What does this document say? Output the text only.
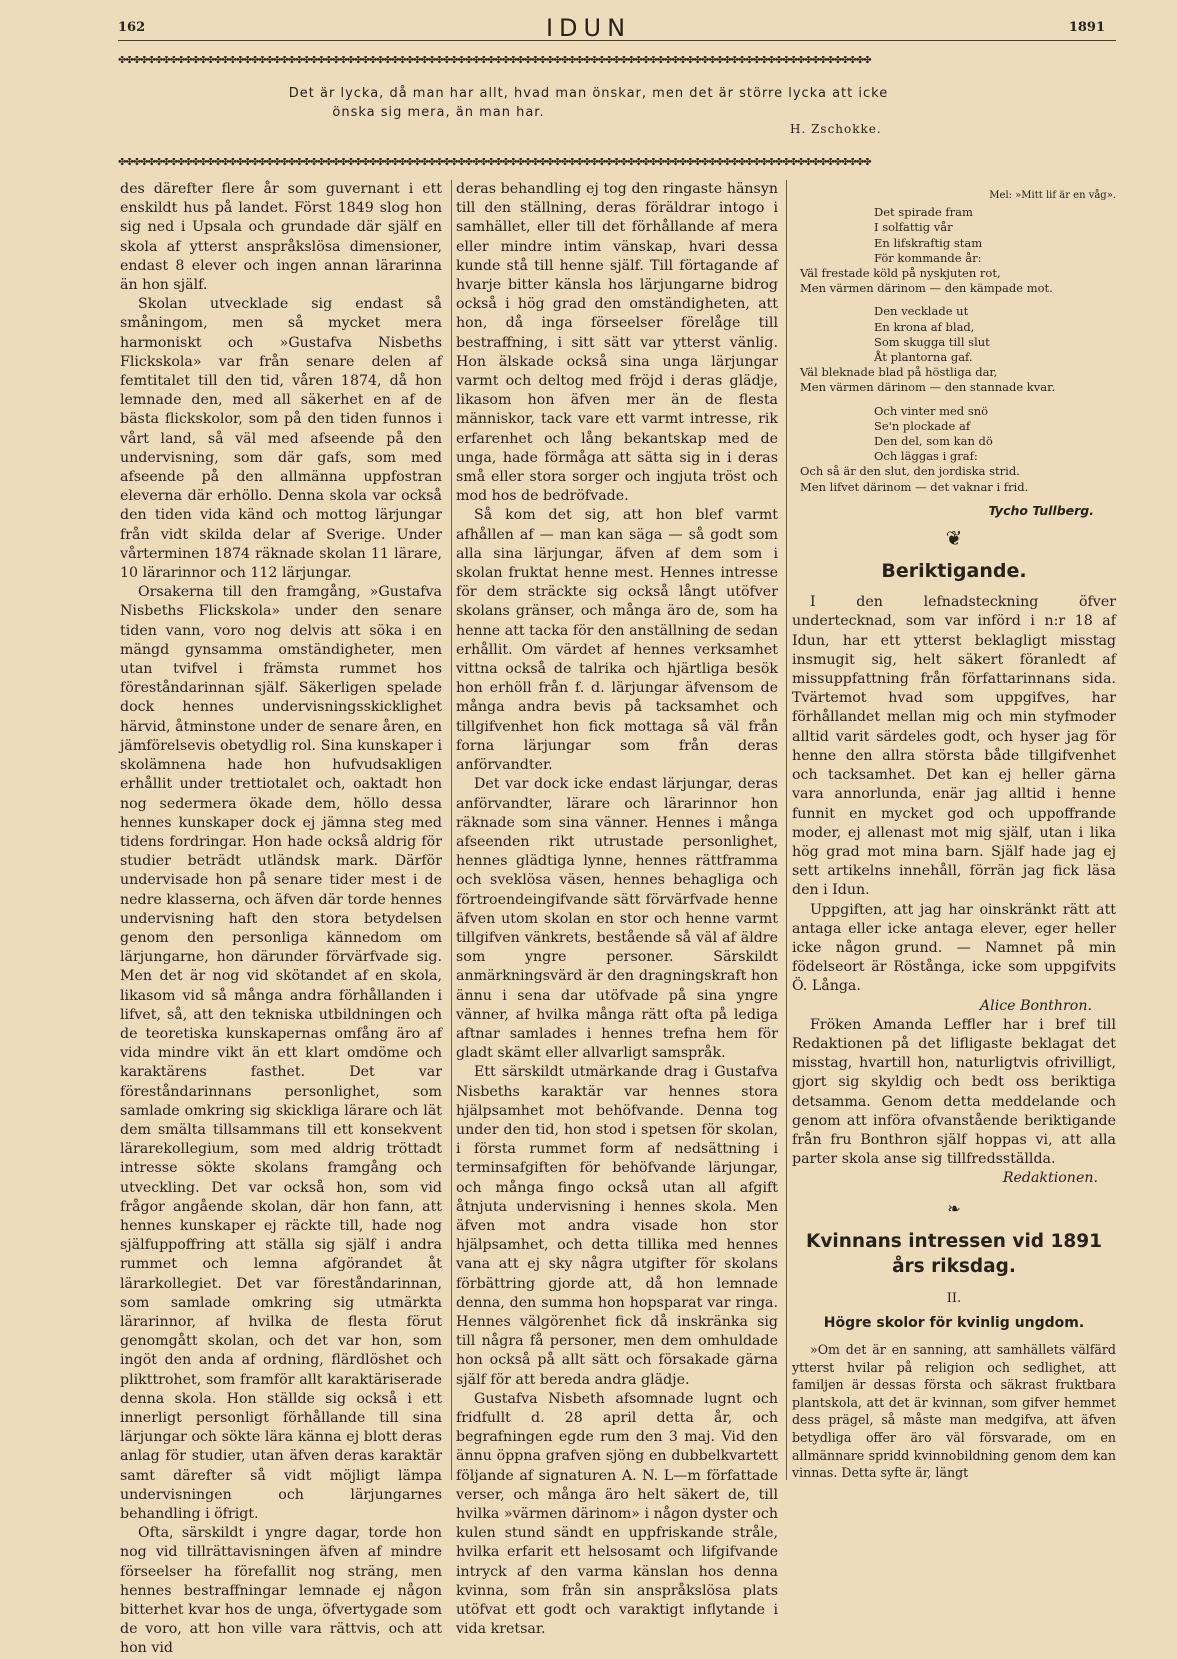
162	IDUN	1891
✤✤✤✤✤✤✤✤✤✤✤✤✤✤✤✤✤✤✤✤✤✤✤✤✤✤✤✤✤✤✤✤✤✤✤✤✤✤✤✤✤✤✤✤✤✤✤✤✤✤✤✤✤✤✤✤✤✤✤✤✤✤✤✤✤✤✤✤✤✤✤✤✤✤✤✤✤✤✤✤✤✤✤✤✤✤✤✤✤✤✤✤✤✤✤✤✤✤✤✤✤✤
Det är lycka, då man har allt, hvad man önskar, men det är större lycka att icke
önska sig mera, än man har.
H. Zschokke.
✤✤✤✤✤✤✤✤✤✤✤✤✤✤✤✤✤✤✤✤✤✤✤✤✤✤✤✤✤✤✤✤✤✤✤✤✤✤✤✤✤✤✤✤✤✤✤✤✤✤✤✤✤✤✤✤✤✤✤✤✤✤✤✤✤✤✤✤✤✤✤✤✤✤✤✤✤✤✤✤✤✤✤✤✤✤✤✤✤✤✤✤✤✤✤✤✤✤✤✤✤✤

des därefter flere år som guvernant i ett enskildt hus på landet. Först 1849 slog hon sig ned i Upsala och grundade där själf en skola af ytterst anspråkslösa dimensioner, endast 8 elever och ingen annan lärarinna än hon själf.

Skolan utvecklade sig endast så småningom, men så mycket mera harmoniskt och »Gustafva Nisbeths Flickskola» var från senare delen af femtitalet till den tid, våren 1874, då hon lemnade den, med all säkerhet en af de bästa flickskolor, som på den tiden funnos i vårt land, så väl med afseende på den undervisning, som där gafs, som med afseende på den allmänna uppfostran eleverna där erhöllo. Denna skola var också den tiden vida känd och mottog lärjungar från vidt skilda delar af Sverige. Under vårterminen 1874 räknade skolan 11 lärare, 10 lärarinnor och 112 lärjungar.

Orsakerna till den framgång, »Gustafva Nisbeths Flickskola» under den senare tiden vann, voro nog delvis att söka i en mängd gynsamma omständigheter, men utan tvifvel i främsta rummet hos föreståndarinnan själf. Säkerligen spelade dock hennes undervisningsskicklighet härvid, åtminstone under de senare åren, en jämförelsevis obetydlig rol. Sina kunskaper i skolämnena hade hon hufvudsakligen erhållit under trettiotalet och, oaktadt hon nog sedermera ökade dem, höllo dessa hennes kunskaper dock ej jämna steg med tidens fordringar. Hon hade också aldrig för studier beträdt utländsk mark. Därför undervisade hon på senare tider mest i de nedre klasserna, och äfven där torde hennes undervisning haft den stora betydelsen genom den personliga kännedom om lärjungarne, hon därunder förvärfvade sig. Men det är nog vid skötandet af en skola, likasom vid så många andra förhållanden i lifvet, så, att den tekniska utbildningen och de teoretiska kunskapernas omfång äro af vida mindre vikt än ett klart omdöme och karaktärens fasthet. Det var föreståndarinnans personlighet, som samlade omkring sig skickliga lärare och lät dem smälta tillsammans till ett konsekvent lärarekollegium, som med aldrig tröttadt intresse sökte skolans framgång och utveckling. Det var också hon, som vid frågor angående skolan, där hon fann, att hennes kunskaper ej räckte till, hade nog själfuppoffring att ställa sig själf i andra rummet och lemna afgörandet åt lärarkollegiet. Det var föreståndarinnan, som samlade omkring sig utmärkta lärarinnor, af hvilka de flesta förut genomgått skolan, och det var hon, som ingöt den anda af ordning, flärdlöshet och plikttrohet, som framför allt karaktäriserade denna skola. Hon ställde sig också i ett innerligt personligt förhållande till sina lärjungar och sökte lära känna ej blott deras anlag för studier, utan äfven deras karaktär samt därefter så vidt möjligt lämpa undervisningen och lärjungarnes behandling i öfrigt.

Ofta, särskildt i yngre dagar, torde hon nog vid tillrättavisningen äfven af mindre förseelser ha förefallit nog sträng, men hennes bestraffningar lemnade ej någon bitterhet kvar hos de unga, öfvertygade som de voro, att hon ville vara rättvis, och att hon vid

deras behandling ej tog den ringaste hänsyn till den ställning, deras föräldrar intogo i samhället, eller till det förhållande af mera eller mindre intim vänskap, hvari dessa kunde stå till henne själf. Till förtagande af hvarje bitter känsla hos lärjungarne bidrog också i hög grad den omständigheten, att hon, då inga förseelser förelåge till bestraffning, i sitt sätt var ytterst vänlig. Hon älskade också sina unga lärjungar varmt och deltog med fröjd i deras glädje, likasom hon äfven mer än de flesta människor, tack vare ett varmt intresse, rik erfarenhet och lång bekantskap med de unga, hade förmåga att sätta sig in i deras små eller stora sorger och ingjuta tröst och mod hos de bedröfvade.

Så kom det sig, att hon blef varmt afhållen af — man kan säga — så godt som alla sina lärjungar, äfven af dem som i skolan fruktat henne mest. Hennes intresse för dem sträckte sig också långt utöfver skolans gränser, och många äro de, som ha henne att tacka för den anställning de sedan erhållit. Om värdet af hennes verksamhet vittna också de talrika och hjärtliga besök hon erhöll från f. d. lärjungar äfvensom de många andra bevis på tacksamhet och tillgifvenhet hon fick mottaga så väl från forna lärjungar som från deras anförvandter.

Det var dock icke endast lärjungar, deras anförvandter, lärare och lärarinnor hon räknade som sina vänner. Hennes i många afseenden rikt utrustade personlighet, hennes glädtiga lynne, hennes rättframma och sveklösa väsen, hennes behagliga och förtroendeingifvande sätt förvärfvade henne äfven utom skolan en stor och henne varmt tillgifven vänkrets, bestående så väl af äldre som yngre personer. Särskildt anmärkningsvärd är den dragningskraft hon ännu i sena dar utöfvade på sina yngre vänner, af hvilka många rätt ofta på lediga aftnar samlades i hennes trefna hem för gladt skämt eller allvarligt samspråk.

Ett särskildt utmärkande drag i Gustafva Nisbeths karaktär var hennes stora hjälpsamhet mot behöfvande. Denna tog under den tid, hon stod i spetsen för skolan, i första rummet form af nedsättning i terminsafgiften för behöfvande lärjungar, och många fingo också utan all afgift åtnjuta undervisning i hennes skola. Men äfven mot andra visade hon stor hjälpsamhet, och detta tillika med hennes vana att ej sky några utgifter för skolans förbättring gjorde att, då hon lemnade denna, den summa hon hopsparat var ringa. Hennes välgörenhet fick då inskränka sig till några få personer, men dem omhuldade hon också på allt sätt och försakade gärna själf för att bereda andra glädje.

Gustafva Nisbeth afsomnade lugnt och fridfullt d. 28 april detta år, och begrafningen egde rum den 3 maj. Vid den ännu öppna grafven sjöng en dubbelkvartett följande af signaturen A. N. L—m författade verser, och många äro helt säkert de, till hvilka »värmen därinom» i någon dyster och kulen stund sändt en uppfriskande stråle, hvilka erfarit ett helsosamt och lifgifvande intryck af den varma känslan hos denna kvinna, som från sin anspråkslösa plats utöfvat ett godt och varaktigt inflytande i vida kretsar.

Mel: »Mitt lif är en våg».
Det spirade fram
I solfattig vår
En lifskraftig stam
För kommande år:
Väl frestade köld på nyskjuten rot,
Men värmen därinom — den kämpade mot.
Den vecklade ut
En krona af blad,
Som skugga till slut
Åt plantorna gaf.
Väl bleknade blad på höstliga dar,
Men värmen därinom — den stannade kvar.
Och vinter med snö
Se'n plockade af
Den del, som kan dö
Och läggas i graf:
Och så är den slut, den jordiska strid.
Men lifvet därinom — det vaknar i frid.
Tycho Tullberg.
❦
Beriktigande.

I den lefnadsteckning öfver undertecknad, som var införd i n:r 18 af Idun, har ett ytterst beklagligt misstag insmugit sig, helt säkert föranledt af missuppfattning från författarinnans sida. Tvärtemot hvad som uppgifves, har förhållandet mellan mig och min styfmoder alltid varit särdeles godt, och hyser jag för henne den allra största både tillgifvenhet och tacksamhet. Det kan ej heller gärna vara annorlunda, enär jag alltid i henne funnit en mycket god och uppoffrande moder, ej allenast mot mig själf, utan i lika hög grad mot mina barn. Själf hade jag ej sett artikelns innehåll, förrän jag fick läsa den i Idun.

Uppgiften, att jag har oinskränkt rätt att antaga eller icke antaga elever, eger heller icke någon grund. — Namnet på min födelseort är Röstånga, icke som uppgifvits Ö. Långa.

Alice Bonthron.

Fröken Amanda Leffler har i bref till Redaktionen på det lifligaste beklagat det misstag, hvartill hon, naturligtvis ofrivilligt, gjort sig skyldig och bedt oss beriktiga detsamma. Genom detta meddelande och genom att införa ofvanstående beriktigande från fru Bonthron själf hoppas vi, att alla parter skola anse sig tillfredsställda.

Redaktionen.
❧
Kvinnans intressen vid 1891 års riksdag.
II.
Högre skolor för kvinlig ungdom.

»Om det är en sanning, att samhällets välfärd ytterst hvilar på religion och sedlighet, att familjen är dessas första och säkrast fruktbara plantskola, att det är kvinnan, som gifver hemmet dess prägel, så måste man medgifva, att äfven betydliga offer äro väl försvarade, om en allmännare spridd kvinnobildning genom dem kan vinnas. Detta syfte är, längt
